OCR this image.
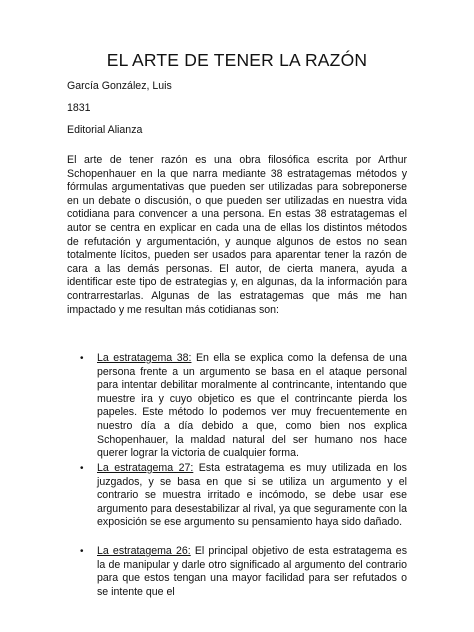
EL ARTE DE TENER LA RAZÓN
García González, Luis
1831
Editorial Alianza

El arte de tener razón es una obra filosófica escrita por Arthur Schopenhauer en la que narra mediante 38 estratagemas métodos y fórmulas argumentativas que pueden ser utilizadas para sobreponerse en un debate o discusión, o que pueden ser utilizadas en nuestra vida cotidiana para convencer a una persona. En estas 38 estratagemas el autor se centra en explicar en cada una de ellas los distintos métodos de refutación y argumentación, y aunque algunos de estos no sean totalmente lícitos, pueden ser usados para aparentar tener la razón de cara a las demás personas. El autor, de cierta manera, ayuda a identificar este tipo de estrategias y, en algunas, da la información para contrarrestarlas. Algunas de las estratagemas que más me han impactado y me resultan más cotidianas son:

• La estratagema 38: En ella se explica como la defensa de una persona frente a un argumento se basa en el ataque personal para intentar debilitar moralmente al contrincante, intentando que muestre ira y cuyo objetico es que el contrincante pierda los papeles. Este método lo podemos ver muy frecuentemente en nuestro día a día debido a que, como bien nos explica Schopenhauer, la maldad natural del ser humano nos hace querer lograr la victoria de cualquier forma.
• La estratagema 27: Esta estratagema es muy utilizada en los juzgados, y se basa en que si se utiliza un argumento y el contrario se muestra irritado e incómodo, se debe usar ese argumento para desestabilizar al rival, ya que seguramente con la exposición se ese argumento su pensamiento haya sido dañado.
• La estratagema 26: El principal objetivo de esta estratagema es la de manipular y darle otro significado al argumento del contrario para que estos tengan una mayor facilidad para ser refutados o se intente que el
